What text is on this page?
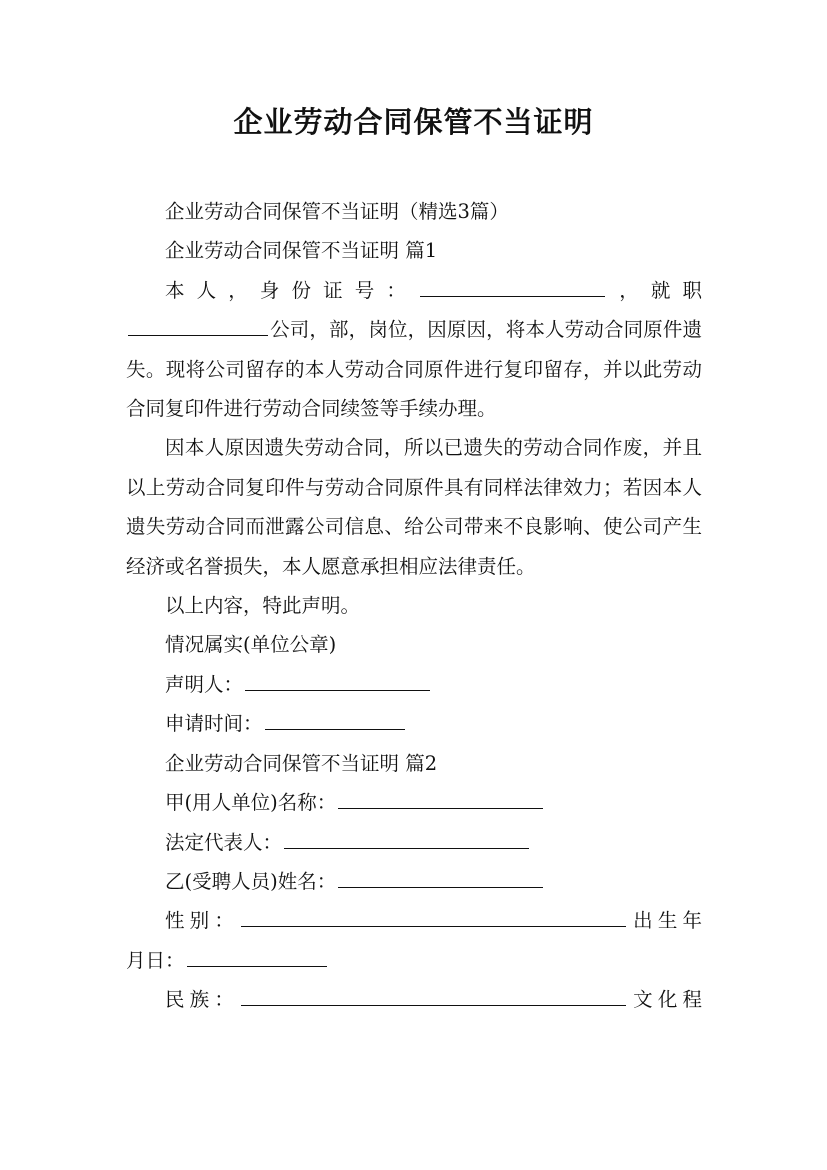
企业劳动合同保管不当证明

企业劳动合同保管不当证明（精选3篇）

企业劳动合同保管不当证明 篇1

本人，身份证号：	，就职公司，部，岗位，因原因，将本人劳动合同原件遗失。现将公司留存的本人劳动合同原件进行复印留存，并以此劳动合同复印件进行劳动合同续签等手续办理。

因本人原因遗失劳动合同，所以已遗失的劳动合同作废，并且以上劳动合同复印件与劳动合同原件具有同样法律效力；若因本人遗失劳动合同而泄露公司信息、给公司带来不良影响、使公司产生经济或名誉损失，本人愿意承担相应法律责任。

以上内容，特此声明。

情况属实(单位公章)

声明人：

申请时间：

企业劳动合同保管不当证明 篇2

甲(用人单位)名称：

法定代表人：

乙(受聘人员)姓名：

性别：	出生年

月日：

民族：	文化程
